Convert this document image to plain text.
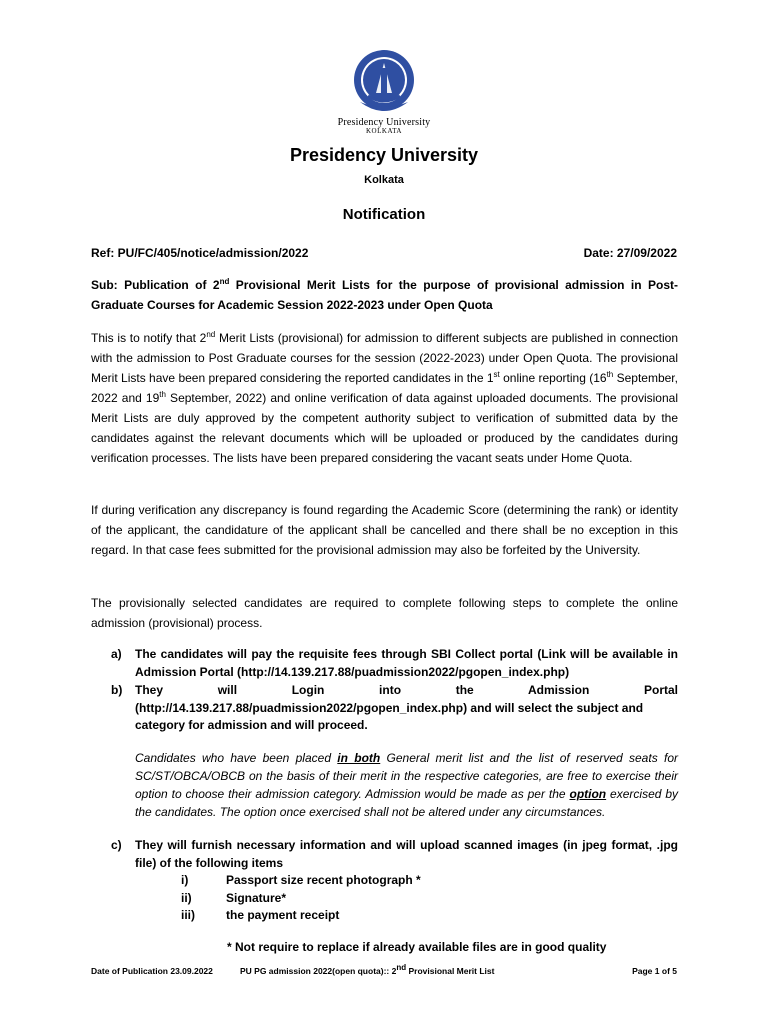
Presidency University
KOLKATA
Presidency University
Kolkata
Notification
Ref: PU/FC/405/notice/admission/2022	Date: 27/09/2022
Sub: Publication of 2nd Provisional Merit Lists for the purpose of provisional admission in Post-Graduate Courses for Academic Session 2022-2023 under Open Quota
This is to notify that 2nd Merit Lists (provisional) for admission to different subjects are published in connection with the admission to Post Graduate courses for the session (2022-2023) under Open Quota. The provisional Merit Lists have been prepared considering the reported candidates in the 1st online reporting (16th September, 2022 and 19th September, 2022) and online verification of data against uploaded documents. The provisional Merit Lists are duly approved by the competent authority subject to verification of submitted data by the candidates against the relevant documents which will be uploaded or produced by the candidates during verification processes. The lists have been prepared considering the vacant seats under Home Quota.
If during verification any discrepancy is found regarding the Academic Score (determining the rank) or identity of the applicant, the candidature of the applicant shall be cancelled and there shall be no exception in this regard. In that case fees submitted for the provisional admission may also be forfeited by the University.
The provisionally selected candidates are required to complete following steps to complete the online admission (provisional) process.
a) The candidates will pay the requisite fees through SBI Collect portal (Link will be available in Admission Portal (http://14.139.217.88/puadmission2022/pgopen_index.php)
b) They will Login into the Admission Portal
(http://14.139.217.88/puadmission2022/pgopen_index.php) and will select the subject and category for admission and will proceed.
Candidates who have been placed in both General merit list and the list of reserved seats for SC/ST/OBCA/OBCB on the basis of their merit in the respective categories, are free to exercise their option to choose their admission category. Admission would be made as per the option exercised by the candidates. The option once exercised shall not be altered under any circumstances.
c) They will furnish necessary information and will upload scanned images (in jpeg format, .jpg file) of the following items
i)	Passport size recent photograph *
ii)	Signature*
iii)	the payment receipt
* Not require to replace if already available files are in good quality
Date of Publication 23.09.2022	PU PG admission 2022(open quota):: 2nd Provisional Merit List	Page 1 of 5
